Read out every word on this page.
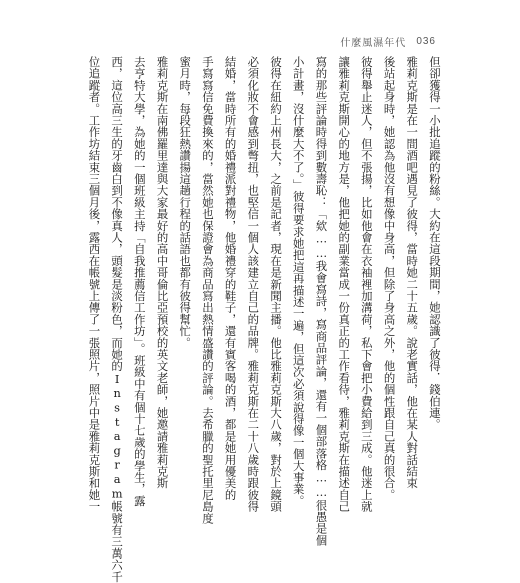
什麼風濕年代 036
但卻獲得一小批追蹤的粉絲。大約在這段期間，她認識了彼得．錢伯連。
雅莉克斯是在一間酒吧遇見了彼得，當時她二十五歲。說老實話，他在某人對話結束
後站起身時，她認為他沒有想像中身高，但除了身高之外，他的個性跟自己真的很合。
彼得舉止迷人，但不張揚，比如他會在衣袖裡加溝荷，私下會把小費給到三成。他迷上就
讓雅莉克斯開心的地方是，他把她的副業當成一份真正的工作看待，雅莉克斯在描述自己
寫的那些評論時得到數壽恥：「欸……我會寫詩，寫商品評論，還有一個部落格……很愚是個
小計畫，沒什麼大不了。」彼得要求她把這再描述一遍，但這次必須說得像一個大事業。
彼得在紐約上州長大，之前是記者，現在是新聞主播。他比雅莉克斯大八歲，對於上鏡頭
必須化妝不會感到彆扭，也堅信一個人該建立自己的品牌。雅莉克斯在二十八歲時跟彼得
結婚，當時所有的婚禮派對禮物，他婚禮穿的鞋子，還有賓客喝的酒，都是她用優美的
手寫寫信免費換來的，當然她也保證會為商品寫出熱情盛讚的評論。去希臘的聖托里尼島度
蜜月時，每段狂熱讚揚這趟行程的話語也都有彼得幫忙。
雅莉克斯在南佛羅里達與大家最好的高中哥倫比亞預校的英文老師，她邀請雅莉克斯
去亨特大學，為她的一個班級主持「自我推薦信工作坊」。班級中有個十七歲的學生，露
西，這位高三生的牙齒白到不像真人，頭髮是淡粉色，而她的Instagram帳號有三萬六千
位追蹤者。工作坊結束三個月後，露西在帳號上傳了一張照片，照片中是雅莉克斯和她一
